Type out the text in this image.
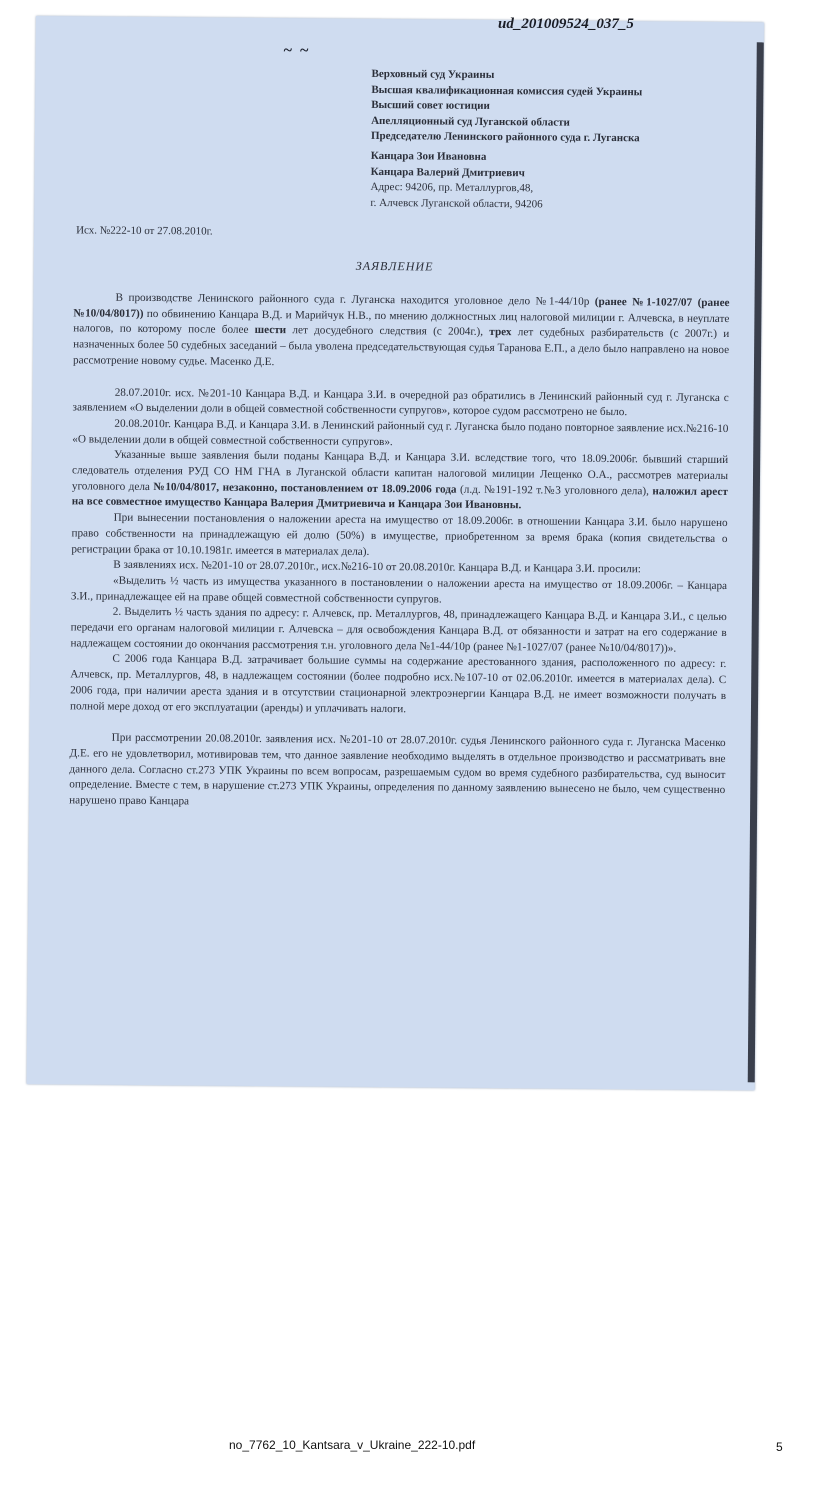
~ ~
Верховный суд Украины
Высшая квалификационная комиссия судей Украины
Высший совет юстиции
Апелляционный суд Луганской области
Председателю Ленинского районного суда г. Луганска
Канцара Зои Ивановна
Канцара Валерий Дмитриевич
Адрес: 94206, пр. Металлургов,48,
г. Алчевск Луганской области, 94206
Исх. №222-10 от 27.08.2010г.
ЗАЯВЛЕНИЕ

В производстве Ленинского районного суда г. Луганска находится уголовное дело №1-44/10р (ранее №1-1027/07 (ранее №10/04/8017)) по обвинению Канцара В.Д. и Марийчук Н.В., по мнению должностных лиц налоговой милиции г. Алчевска, в неуплате налогов, по которому после более шести лет досудебного следствия (с 2004г.), трех лет судебных разбирательств (с 2007г.) и назначенных более 50 судебных заседаний – была уволена председательствующая судья Таранова Е.П., а дело было направлено на новое рассмотрение новому судье. Масенко Д.Е.

28.07.2010г. исх. №201-10 Канцара В.Д. и Канцара З.И. в очередной раз обратились в Ленинский районный суд г. Луганска с заявлением «О выделении доли в общей совместной собственности супругов», которое судом рассмотрено не было.

20.08.2010г. Канцара В.Д. и Канцара З.И. в Ленинский районный суд г. Луганска было подано повторное заявление исх.№216-10 «О выделении доли в общей совместной собственности супругов».

Указанные выше заявления были поданы Канцара В.Д. и Канцара З.И. вследствие того, что 18.09.2006г. бывший старший следователь отделения РУД СО НМ ГНА в Луганской области капитан налоговой милиции Лещенко О.А., рассмотрев материалы уголовного дела №10/04/8017, незаконно, постановлением от 18.09.2006 года (л.д. №191-192 т.№3 уголовного дела), наложил арест на все совместное имущество Канцара Валерия Дмитриевича и Канцара Зои Ивановны.

При вынесении постановления о наложении ареста на имущество от 18.09.2006г. в отношении Канцара З.И. было нарушено право собственности на принадлежащую ей долю (50%) в имуществе, приобретенном за время брака (копия свидетельства о регистрации брака от 10.10.1981г. имеется в материалах дела).

В заявлениях исх. №201-10 от 28.07.2010г., исх.№216-10 от 20.08.2010г. Канцара В.Д. и Канцара З.И. просили:

«Выделить ½ часть из имущества указанного в постановлении о наложении ареста на имущество от 18.09.2006г. – Канцара З.И., принадлежащее ей на праве общей совместной собственности супругов.

2. Выделить ½ часть здания по адресу: г. Алчевск, пр. Металлургов, 48, принадлежащего Канцара В.Д. и Канцара З.И., с целью передачи его органам налоговой милиции г. Алчевска – для освобождения Канцара В.Д. от обязанности и затрат на его содержание в надлежащем состоянии до окончания рассмотрения т.н. уголовного дела №1-44/10р (ранее №1-1027/07 (ранее №10/04/8017))».

С 2006 года Канцара В.Д. затрачивает большие суммы на содержание арестованного здания, расположенного по адресу: г. Алчевск, пр. Металлургов, 48, в надлежащем состоянии (более подробно исх.№107-10 от 02.06.2010г. имеется в материалах дела). С 2006 года, при наличии ареста здания и в отсутствии стационарной электроэнергии Канцара В.Д. не имеет возможности получать в полной мере доход от его эксплуатации (аренды) и уплачивать налоги.

При рассмотрении 20.08.2010г. заявления исх. №201-10 от 28.07.2010г. судья Ленинского районного суда г. Луганска Масенко Д.Е. его не удовлетворил, мотивировав тем, что данное заявление необходимо выделять в отдельное производство и рассматривать вне данного дела. Согласно ст.273 УПК Украины по всем вопросам, разрешаемым судом во время судебного разбирательства, суд выносит определение. Вместе с тем, в нарушение ст.273 УПК Украины, определения по данному заявлению вынесено не было, чем существенно нарушено право Канцара

ud_201009524_037_5
no_7762_10_Kantsara_v_Ukraine_222-10.pdf	5
